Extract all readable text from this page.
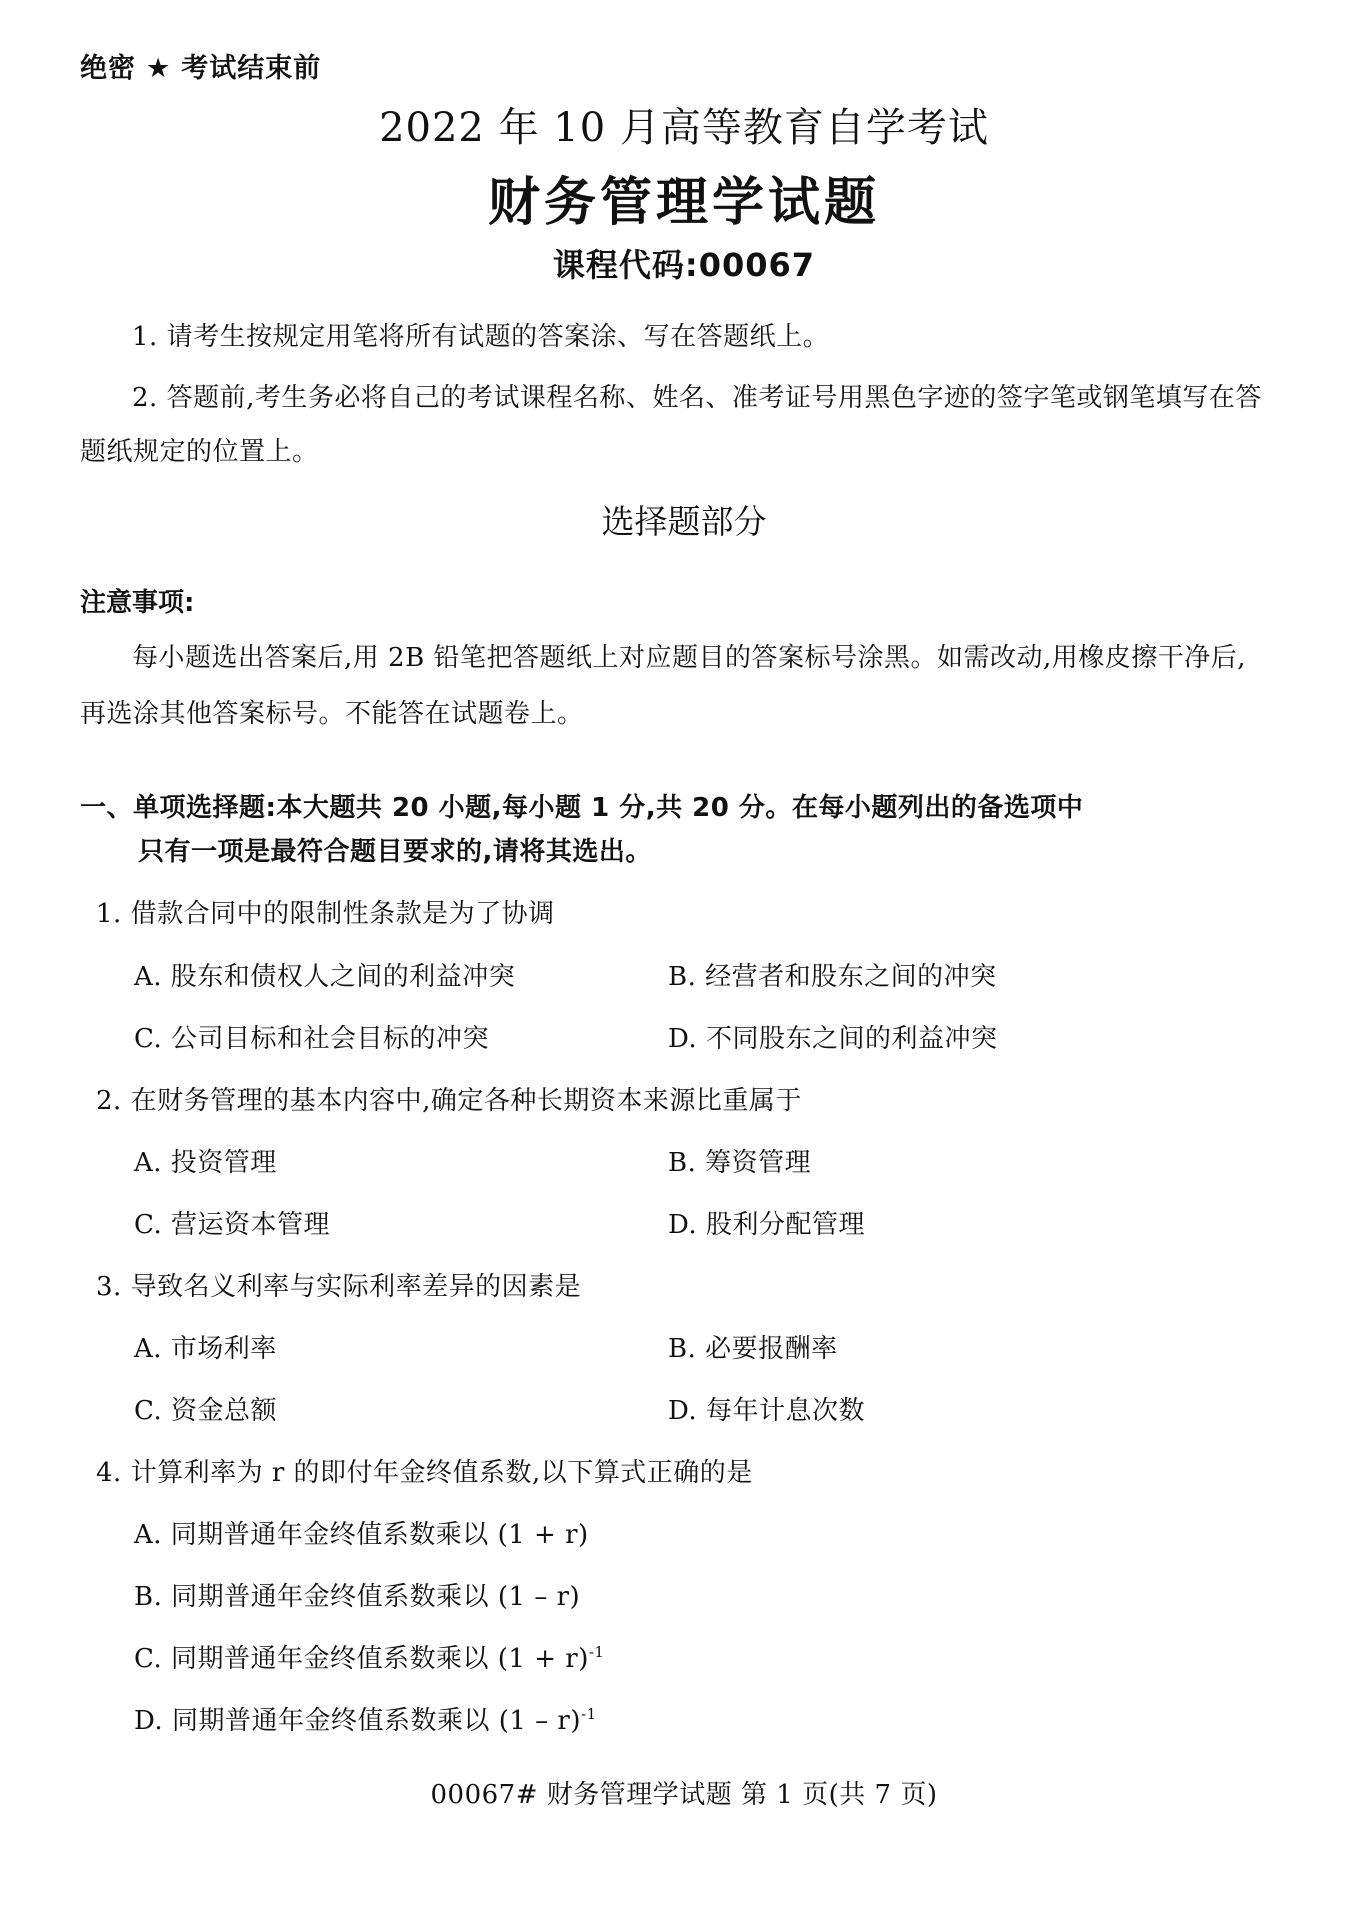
绝密 ★ 考试结束前
2022 年 10 月高等教育自学考试
财务管理学试题
课程代码:00067
1. 请考生按规定用笔将所有试题的答案涂、写在答题纸上。
2. 答题前,考生务必将自己的考试课程名称、姓名、准考证号用黑色字迹的签字笔或钢笔填写在答题纸规定的位置上。
选择题部分
注意事项:
每小题选出答案后,用 2B 铅笔把答题纸上对应题目的答案标号涂黑。如需改动,用橡皮擦干净后,再选涂其他答案标号。不能答在试题卷上。
一、单项选择题:本大题共 20 小题,每小题 1 分,共 20 分。在每小题列出的备选项中
只有一项是最符合题目要求的,请将其选出。
1. 借款合同中的限制性条款是为了协调
A. 股东和债权人之间的利益冲突	B. 经营者和股东之间的冲突
C. 公司目标和社会目标的冲突	D. 不同股东之间的利益冲突
2. 在财务管理的基本内容中,确定各种长期资本来源比重属于
A. 投资管理	B. 筹资管理
C. 营运资本管理	D. 股利分配管理
3. 导致名义利率与实际利率差异的因素是
A. 市场利率	B. 必要报酬率
C. 资金总额	D. 每年计息次数
4. 计算利率为 r 的即付年金终值系数,以下算式正确的是
A. 同期普通年金终值系数乘以 (1 + r)
B. 同期普通年金终值系数乘以 (1 – r)
C. 同期普通年金终值系数乘以 $(1 + r)^{-1}$
D. 同期普通年金终值系数乘以 (1 – r)$^{-1}$
00067# 财务管理学试题 第 1 页(共 7 页)
